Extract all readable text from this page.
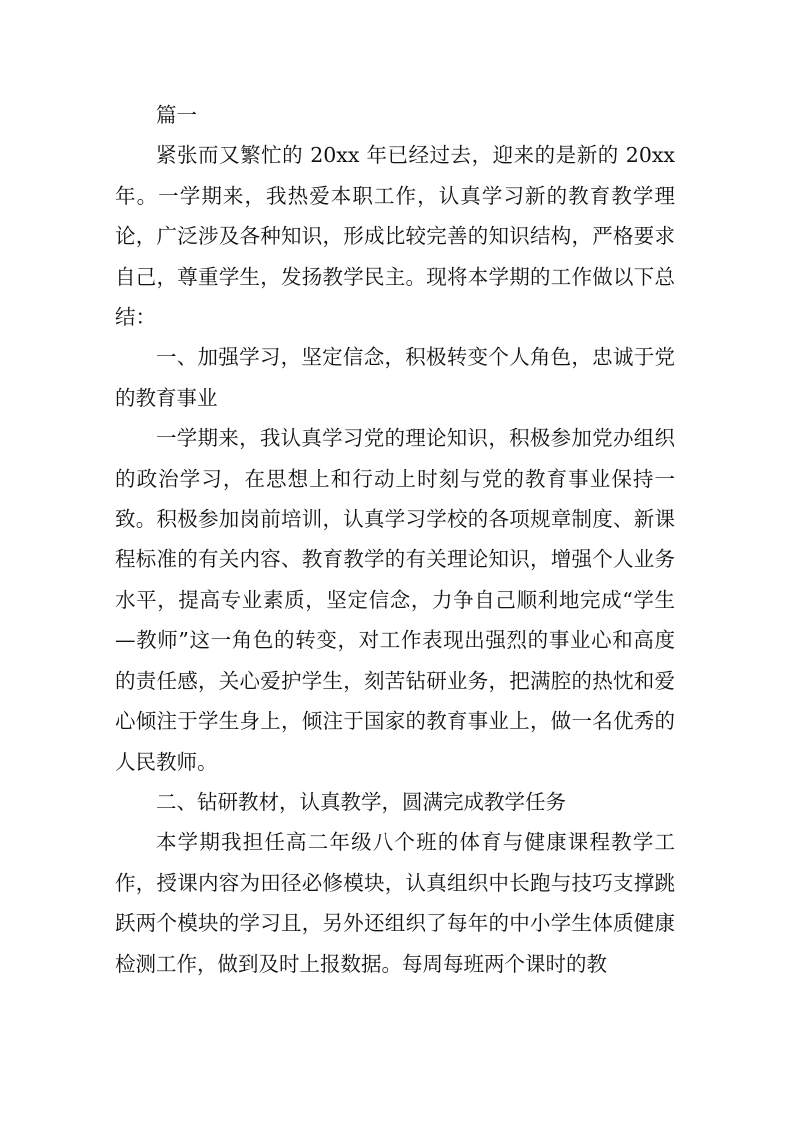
篇一

紧张而又繁忙的 20xx 年已经过去，迎来的是新的 20xx 年。一学期来，我热爱本职工作，认真学习新的教育教学理论，广泛涉及各种知识，形成比较完善的知识结构，严格要求自己，尊重学生，发扬教学民主。现将本学期的工作做以下总结：

一、加强学习，坚定信念，积极转变个人角色，忠诚于党的教育事业

一学期来，我认真学习党的理论知识，积极参加党办组织的政治学习，在思想上和行动上时刻与党的教育事业保持一致。积极参加岗前培训，认真学习学校的各项规章制度、新课程标准的有关内容、教育教学的有关理论知识，增强个人业务水平，提高专业素质，坚定信念，力争自己顺利地完成“学生—教师”这一角色的转变，对工作表现出强烈的事业心和高度的责任感，关心爱护学生，刻苦钻研业务，把满腔的热忱和爱心倾注于学生身上，倾注于国家的教育事业上，做一名优秀的人民教师。

二、钻研教材，认真教学，圆满完成教学任务

本学期我担任高二年级八个班的体育与健康课程教学工作，授课内容为田径必修模块，认真组织中长跑与技巧支撑跳跃两个模块的学习且，另外还组织了每年的中小学生体质健康检测工作，做到及时上报数据。每周每班两个课时的教
